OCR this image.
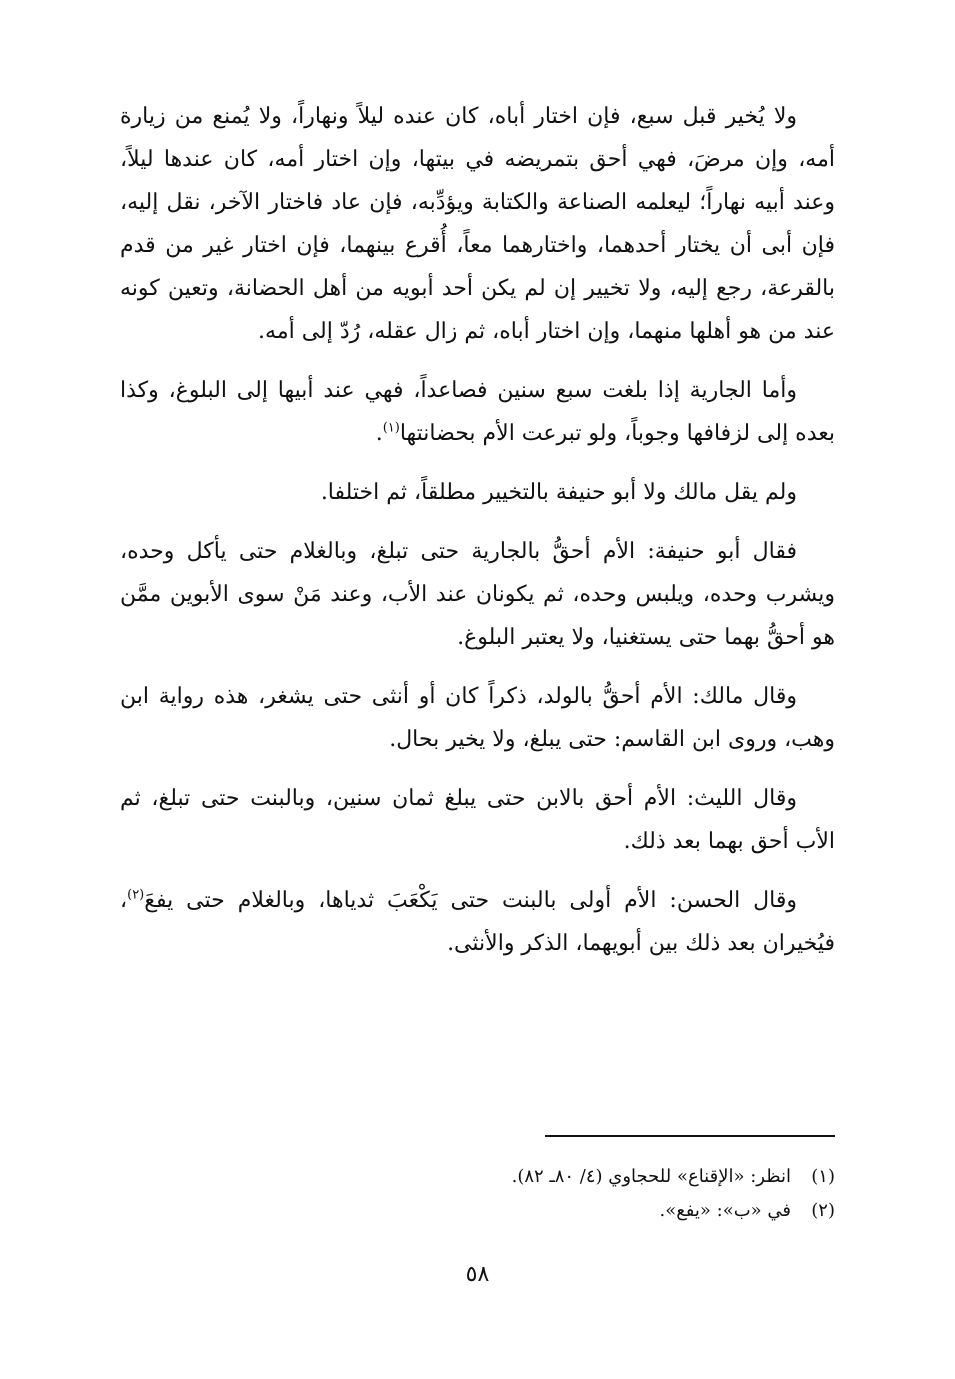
ولا يُخير قبل سبع، فإن اختار أباه، كان عنده ليلاً ونهاراً، ولا يُمنع من زيارة أمه، وإن مرضَ، فهي أحق بتمريضه في بيتها، وإن اختار أمه، كان عندها ليلاً، وعند أبيه نهاراً؛ ليعلمه الصناعة والكتابة ويؤدِّبه، فإن عاد فاختار الآخر، نقل إليه، فإن أبى أن يختار أحدهما، واختارهما معاً، أُقرع بينهما، فإن اختار غير من قدم بالقرعة، رجع إليه، ولا تخيير إن لم يكن أحد أبويه من أهل الحضانة، وتعين كونه عند من هو أهلها منهما، وإن اختار أباه، ثم زال عقله، رُدّ إلى أمه.

وأما الجارية إذا بلغت سبع سنين فصاعداً، فهي عند أبيها إلى البلوغ، وكذا بعده إلى لزفافها وجوباً، ولو تبرعت الأم بحضانتها$^{(١)}$.

ولم يقل مالك ولا أبو حنيفة بالتخيير مطلقاً، ثم اختلفا.

فقال أبو حنيفة: الأم أحقُّ بالجارية حتى تبلغ، وبالغلام حتى يأكل وحده، ويشرب وحده، ويلبس وحده، ثم يكونان عند الأب، وعند مَنْ سوى الأبوين ممَّن هو أحقُّ بهما حتى يستغنيا، ولا يعتبر البلوغ.

وقال مالك: الأم أحقُّ بالولد، ذكراً كان أو أنثى حتى يشغر، هذه رواية ابن وهب، وروى ابن القاسم: حتى يبلغ، ولا يخير بحال.

وقال الليث: الأم أحق بالابن حتى يبلغ ثمان سنين، وبالبنت حتى تبلغ، ثم الأب أحق بهما بعد ذلك.

وقال الحسن: الأم أولى بالبنت حتى يَكْعَبَ ثدياها، وبالغلام حتى يفعَ$^{(٢)}$، فيُخيران بعد ذلك بين أبويهما، الذكر والأنثى.

(١)
انظر: «الإقناع» للحجاوي (٤/ ٨٠ـ ٨٢).
(٢)
في «ب»: «يفع».
٥٨
